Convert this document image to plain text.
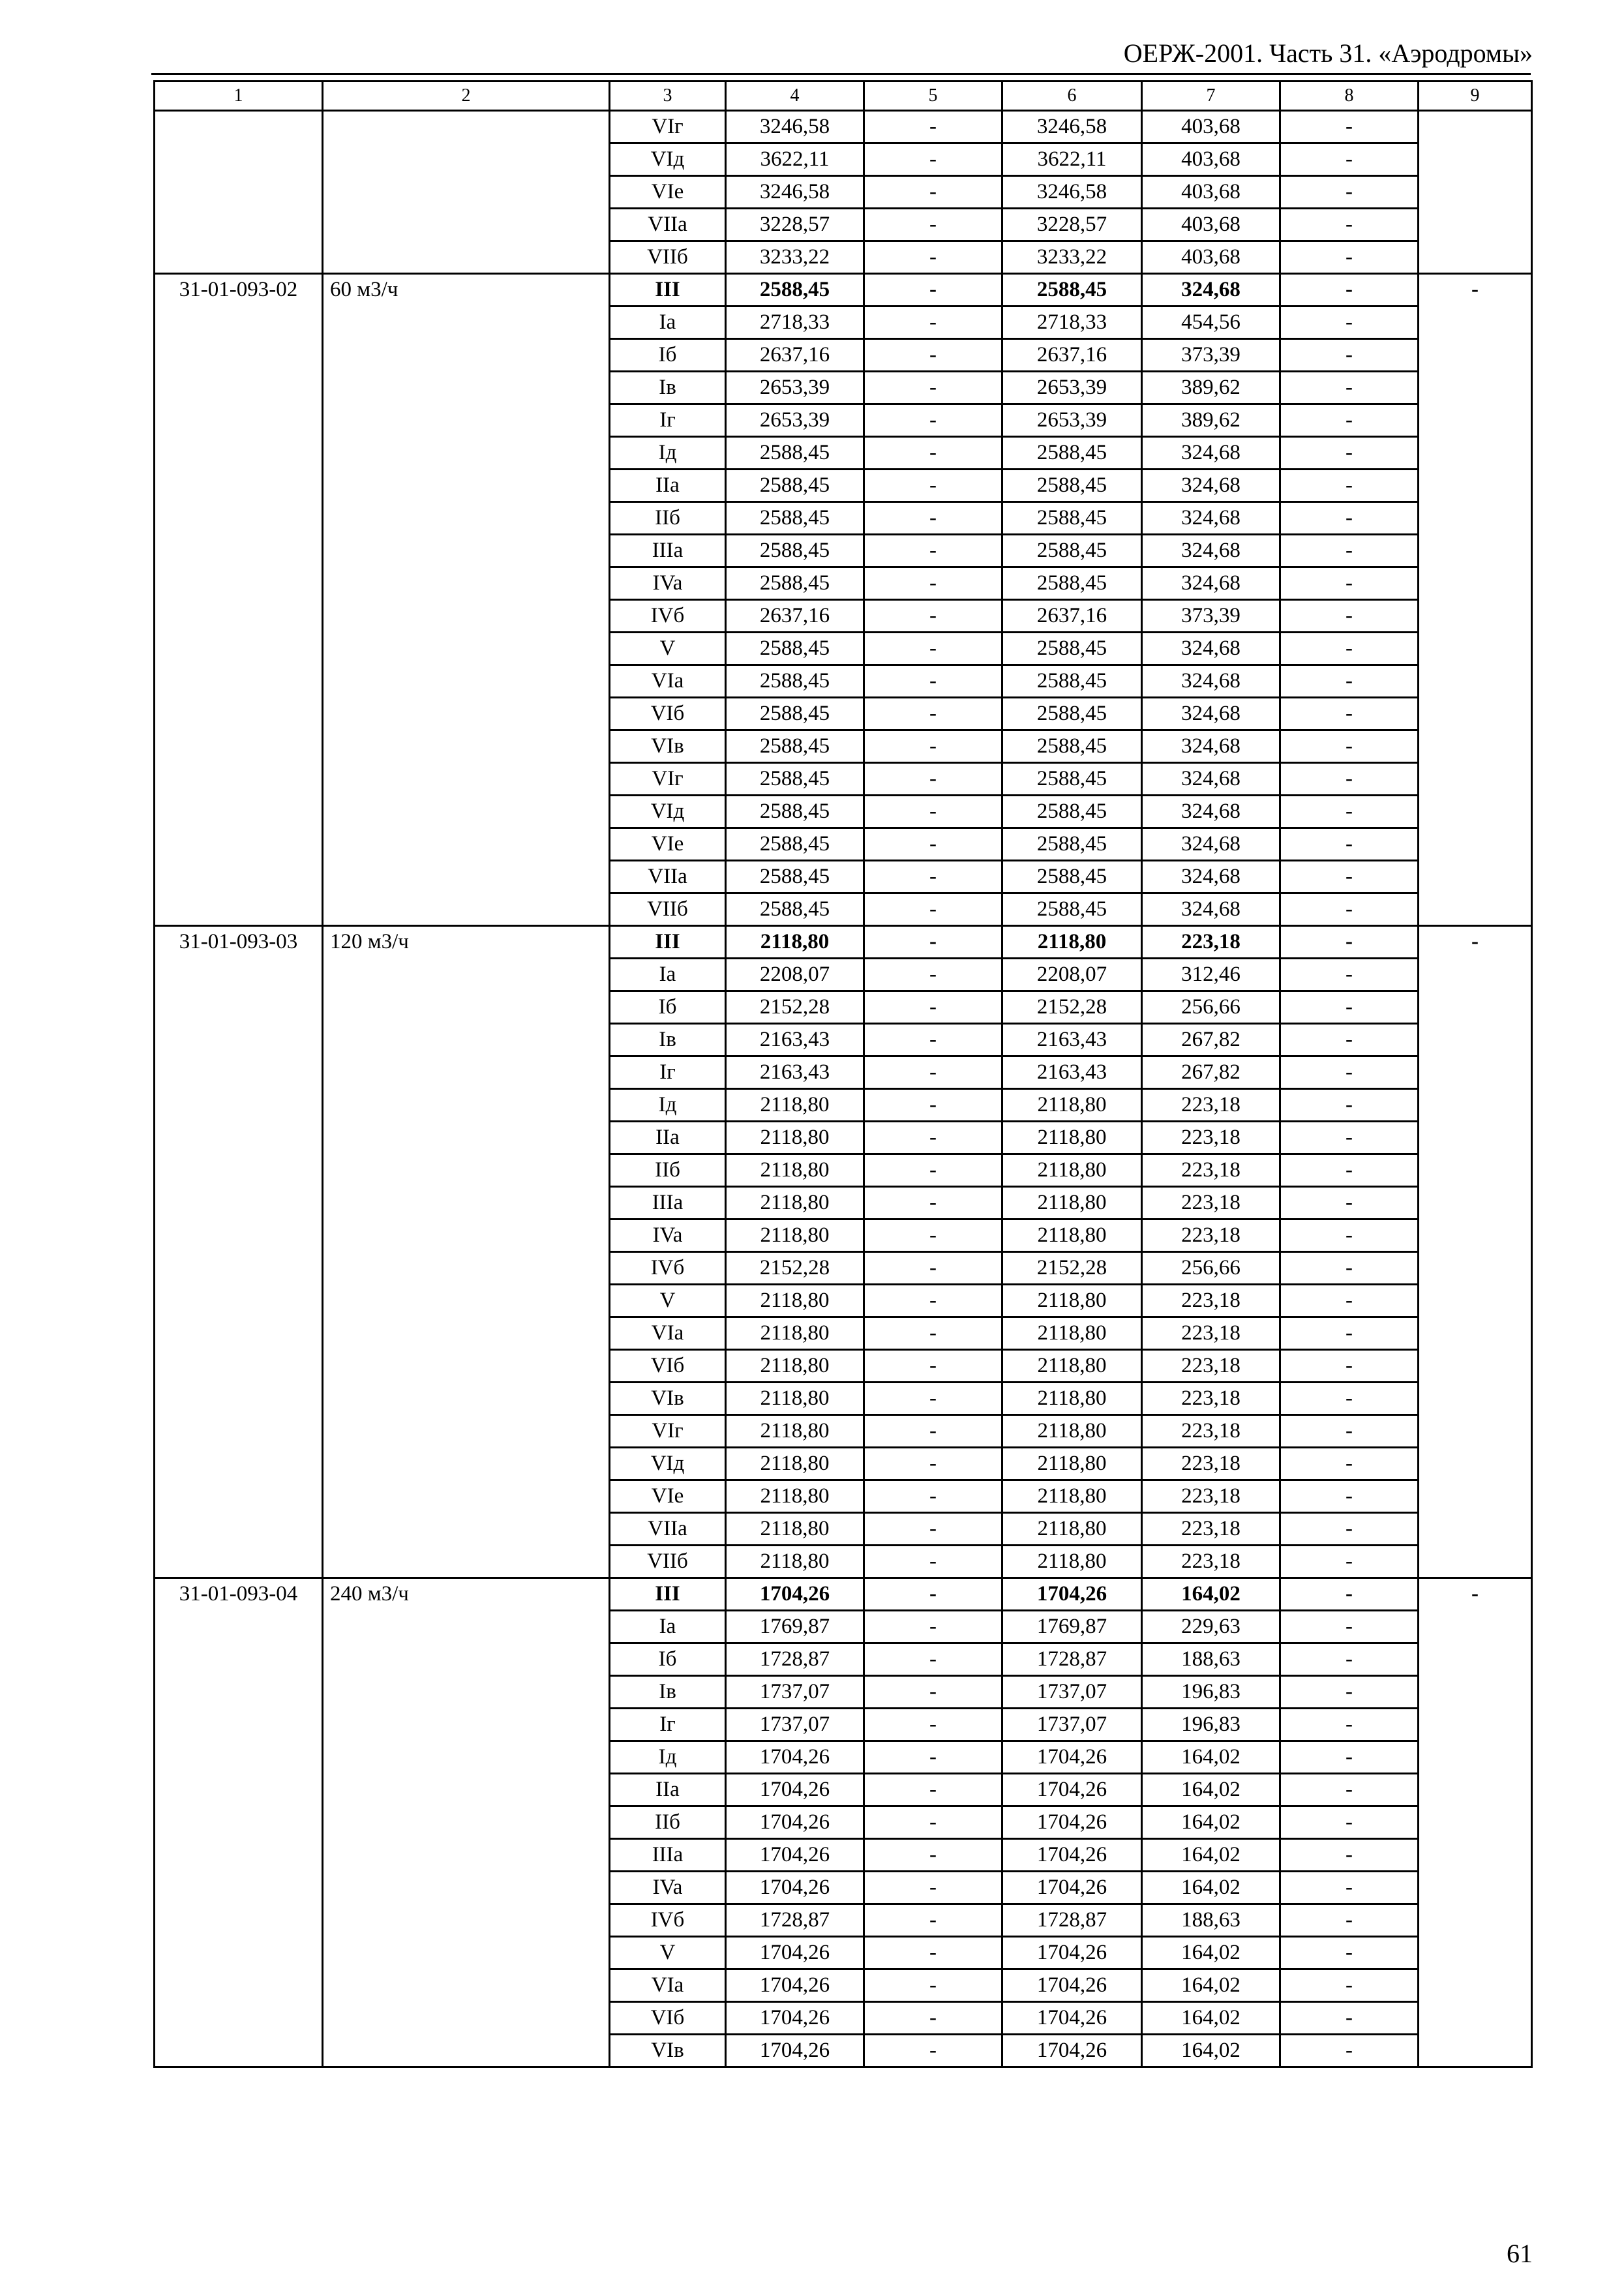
ОЕРЖ-2001. Часть 31. «Аэродромы»
1	2	3	4	5	6	7	8	9
		VIг	3246,58	-	3246,58	403,68	-	
		VIд	3622,11	-	3622,11	403,68	-	
		VIe	3246,58	-	3246,58	403,68	-	
		VIIa	3228,57	-	3228,57	403,68	-	
		VIIб	3233,22	-	3233,22	403,68	-	
31-01-093-02	60 м3/ч	III	2588,45	-	2588,45	324,68	-	-
		Ia	2718,33	-	2718,33	454,56	-	
		Iб	2637,16	-	2637,16	373,39	-	
		Iв	2653,39	-	2653,39	389,62	-	
		Iг	2653,39	-	2653,39	389,62	-	
		Iд	2588,45	-	2588,45	324,68	-	
		IIa	2588,45	-	2588,45	324,68	-	
		IIб	2588,45	-	2588,45	324,68	-	
		IIIa	2588,45	-	2588,45	324,68	-	
		IVa	2588,45	-	2588,45	324,68	-	
		IVб	2637,16	-	2637,16	373,39	-	
		V	2588,45	-	2588,45	324,68	-	
		VIa	2588,45	-	2588,45	324,68	-	
		VIб	2588,45	-	2588,45	324,68	-	
		VIв	2588,45	-	2588,45	324,68	-	
		VIг	2588,45	-	2588,45	324,68	-	
		VIд	2588,45	-	2588,45	324,68	-	
		VIe	2588,45	-	2588,45	324,68	-	
		VIIa	2588,45	-	2588,45	324,68	-	
		VIIб	2588,45	-	2588,45	324,68	-	
31-01-093-03	120 м3/ч	III	2118,80	-	2118,80	223,18	-	-
		Ia	2208,07	-	2208,07	312,46	-	
		Iб	2152,28	-	2152,28	256,66	-	
		Iв	2163,43	-	2163,43	267,82	-	
		Iг	2163,43	-	2163,43	267,82	-	
		Iд	2118,80	-	2118,80	223,18	-	
		IIa	2118,80	-	2118,80	223,18	-	
		IIб	2118,80	-	2118,80	223,18	-	
		IIIa	2118,80	-	2118,80	223,18	-	
		IVa	2118,80	-	2118,80	223,18	-	
		IVб	2152,28	-	2152,28	256,66	-	
		V	2118,80	-	2118,80	223,18	-	
		VIa	2118,80	-	2118,80	223,18	-	
		VIб	2118,80	-	2118,80	223,18	-	
		VIв	2118,80	-	2118,80	223,18	-	
		VIг	2118,80	-	2118,80	223,18	-	
		VIд	2118,80	-	2118,80	223,18	-	
		VIe	2118,80	-	2118,80	223,18	-	
		VIIa	2118,80	-	2118,80	223,18	-	
		VIIб	2118,80	-	2118,80	223,18	-	
31-01-093-04	240 м3/ч	III	1704,26	-	1704,26	164,02	-	-
		Ia	1769,87	-	1769,87	229,63	-	
		Iб	1728,87	-	1728,87	188,63	-	
		Iв	1737,07	-	1737,07	196,83	-	
		Iг	1737,07	-	1737,07	196,83	-	
		Iд	1704,26	-	1704,26	164,02	-	
		IIa	1704,26	-	1704,26	164,02	-	
		IIб	1704,26	-	1704,26	164,02	-	
		IIIa	1704,26	-	1704,26	164,02	-	
		IVa	1704,26	-	1704,26	164,02	-	
		IVб	1728,87	-	1728,87	188,63	-	
		V	1704,26	-	1704,26	164,02	-	
		VIa	1704,26	-	1704,26	164,02	-	
		VIб	1704,26	-	1704,26	164,02	-	
		VIв	1704,26	-	1704,26	164,02	-	
61
